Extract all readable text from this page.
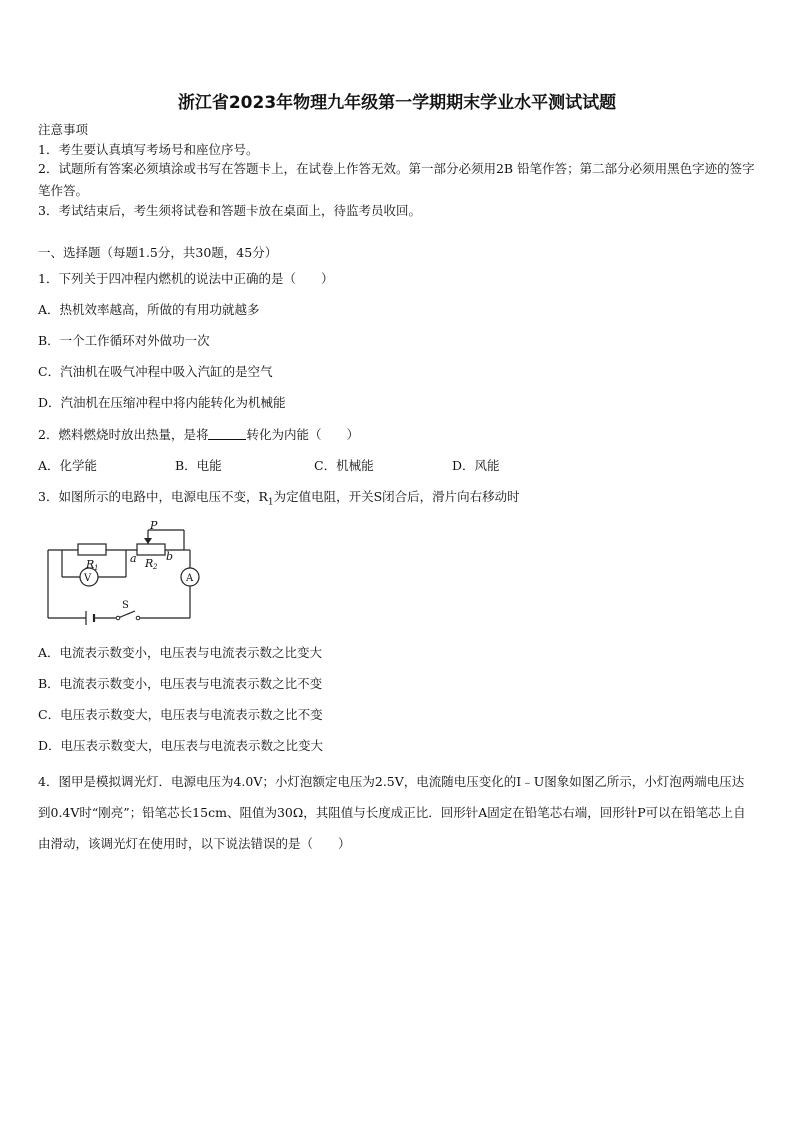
浙江省2023年物理九年级第一学期期末学业水平测试试题
注意事项
1．考生要认真填写考场号和座位序号。
2．试题所有答案必须填涂或书写在答题卡上，在试卷上作答无效。第一部分必须用2B 铅笔作答；第二部分必须用黑色字迹的签字笔作答。
3．考试结束后，考生须将试卷和答题卡放在桌面上，待监考员收回。
一、选择题（每题1.5分，共30题，45分）
1．下列关于四冲程内燃机的说法中正确的是（　　）
A．热机效率越高，所做的有用功就越多
B．一个工作循环对外做功一次
C．汽油机在吸气冲程中吸入汽缸的是空气
D．汽油机在压缩冲程中将内能转化为机械能
2．燃料燃烧时放出热量，是将	转化为内能（　　）
A．化学能	B．电能	C．机械能	D．风能
3．如图所示的电路中，电源电压不变，$R_1$为定值电阻，开关S闭合后，滑片向右移动时
V	A
P
R 1	R 2
a	b
S
A．电流表示数变小，电压表与电流表示数之比变大
B．电流表示数变小，电压表与电流表示数之比不变
C．电压表示数变大，电压表与电流表示数之比不变
D．电压表示数变大，电压表与电流表示数之比变大
4．图甲是模拟调光灯．电源电压为4.0V；小灯泡额定电压为2.5V，电流随电压变化的I﹣U图象如图乙所示，小灯泡两端电压达到0.4V时“刚亮”；铅笔芯长15cm、阻值为30Ω，其阻值与长度成正比．回形针A固定在铅笔芯右端，回形针P可以在铅笔芯上自由滑动，该调光灯在使用时，以下说法错误的是（　　）
